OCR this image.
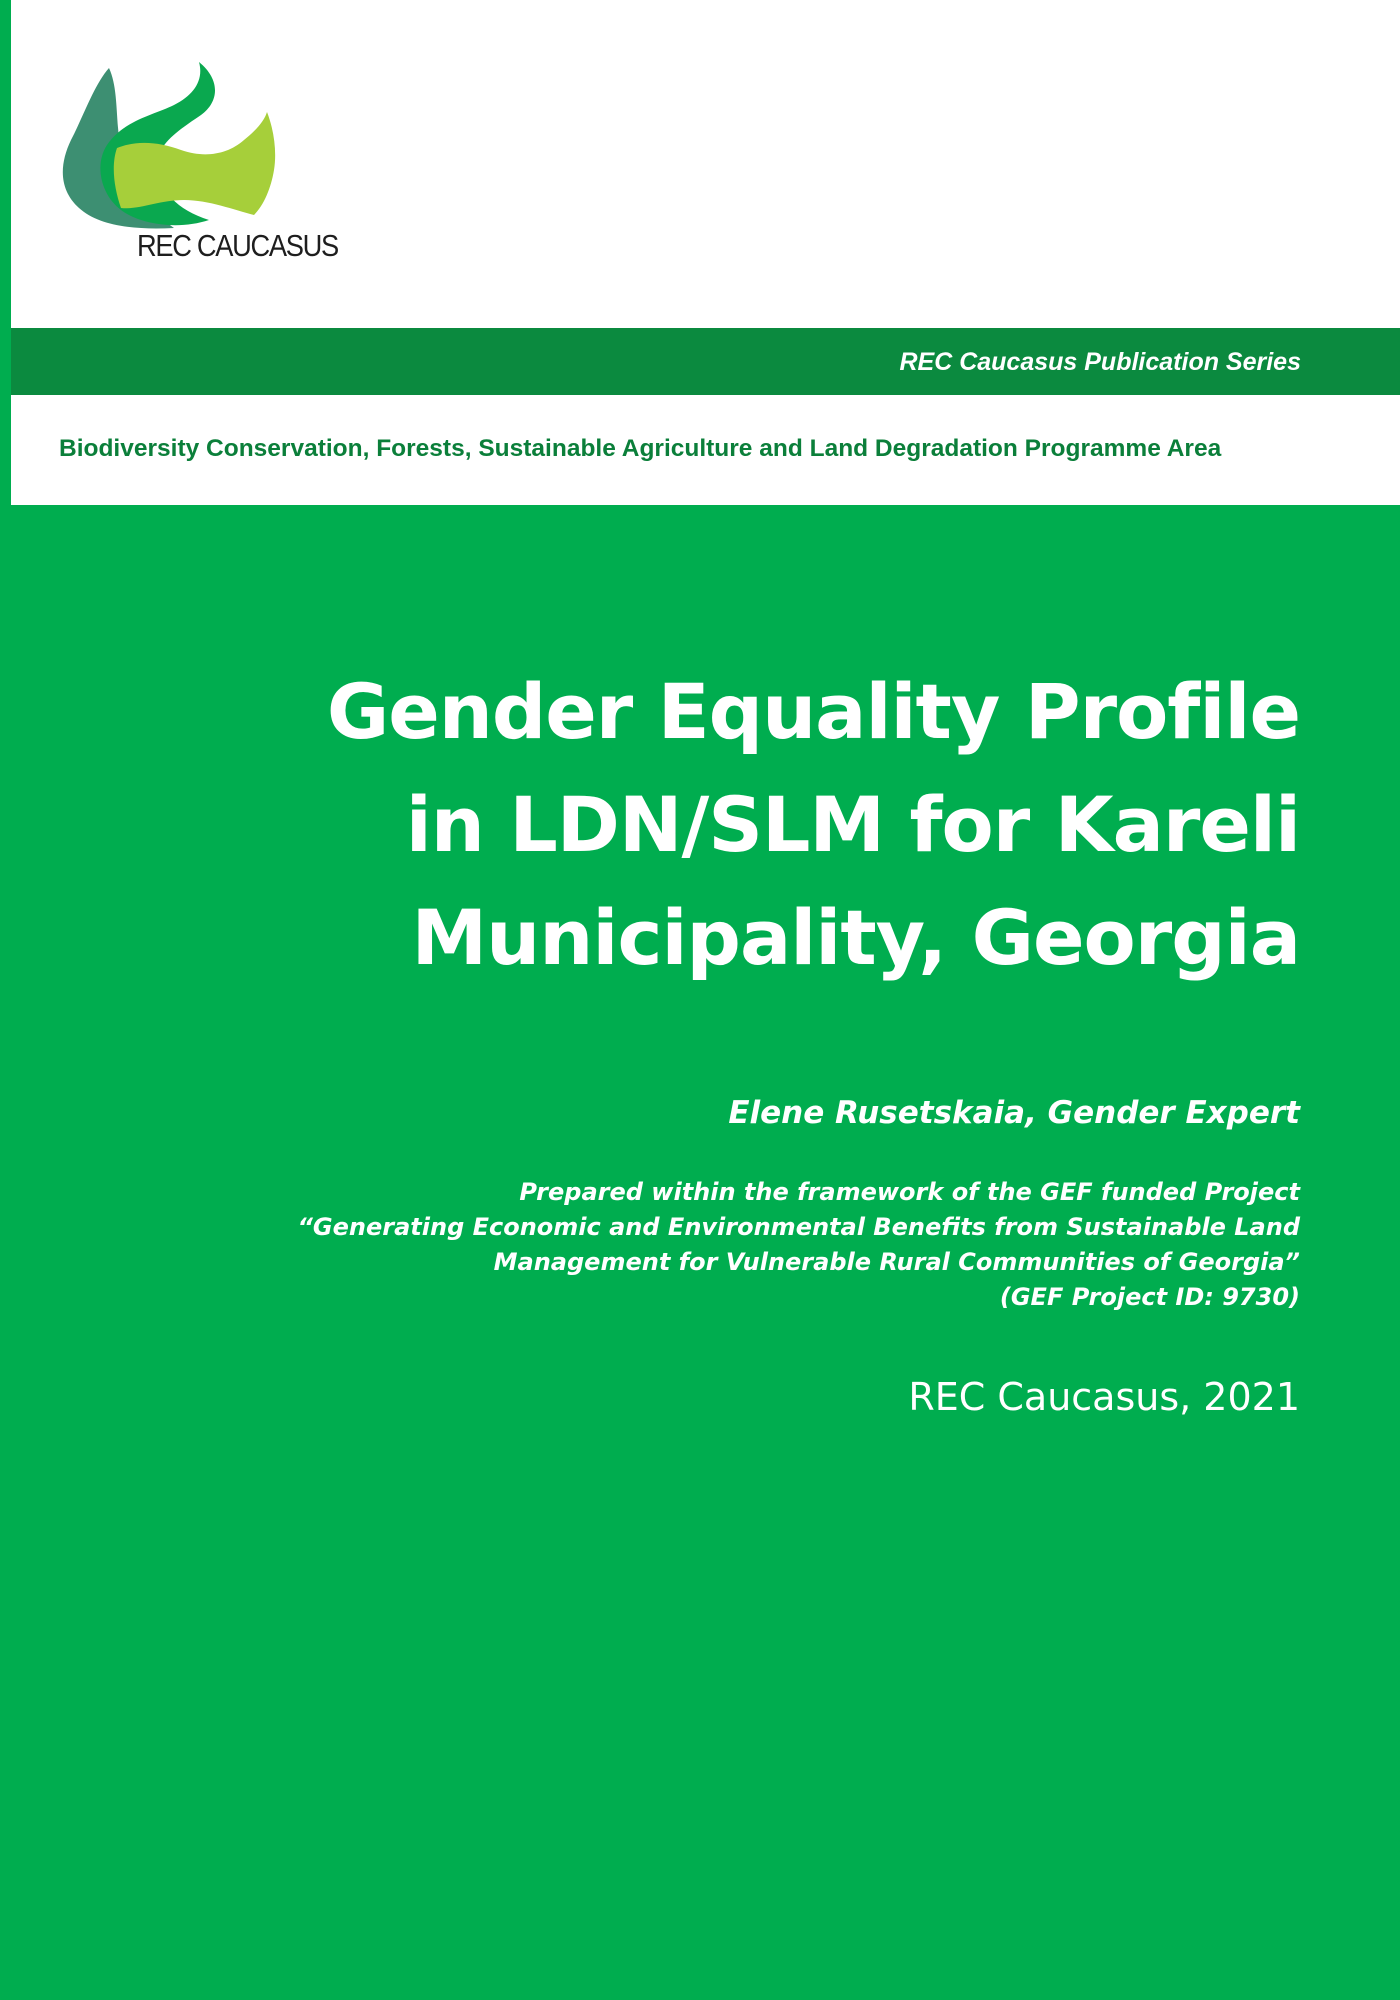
REC CAUCASUS
REC Caucasus Publication Series
Biodiversity Conservation, Forests, Sustainable Agriculture and Land Degradation Programme Area
Gender Equality Profile
in LDN/SLM for Kareli
Municipality, Georgia
Elene Rusetskaia, Gender Expert
Prepared within the framework of the GEF funded Project
“Generating Economic and Environmental Benefits from Sustainable Land
Management for Vulnerable Rural Communities of Georgia”
(GEF Project ID: 9730)
REC Caucasus, 2021
